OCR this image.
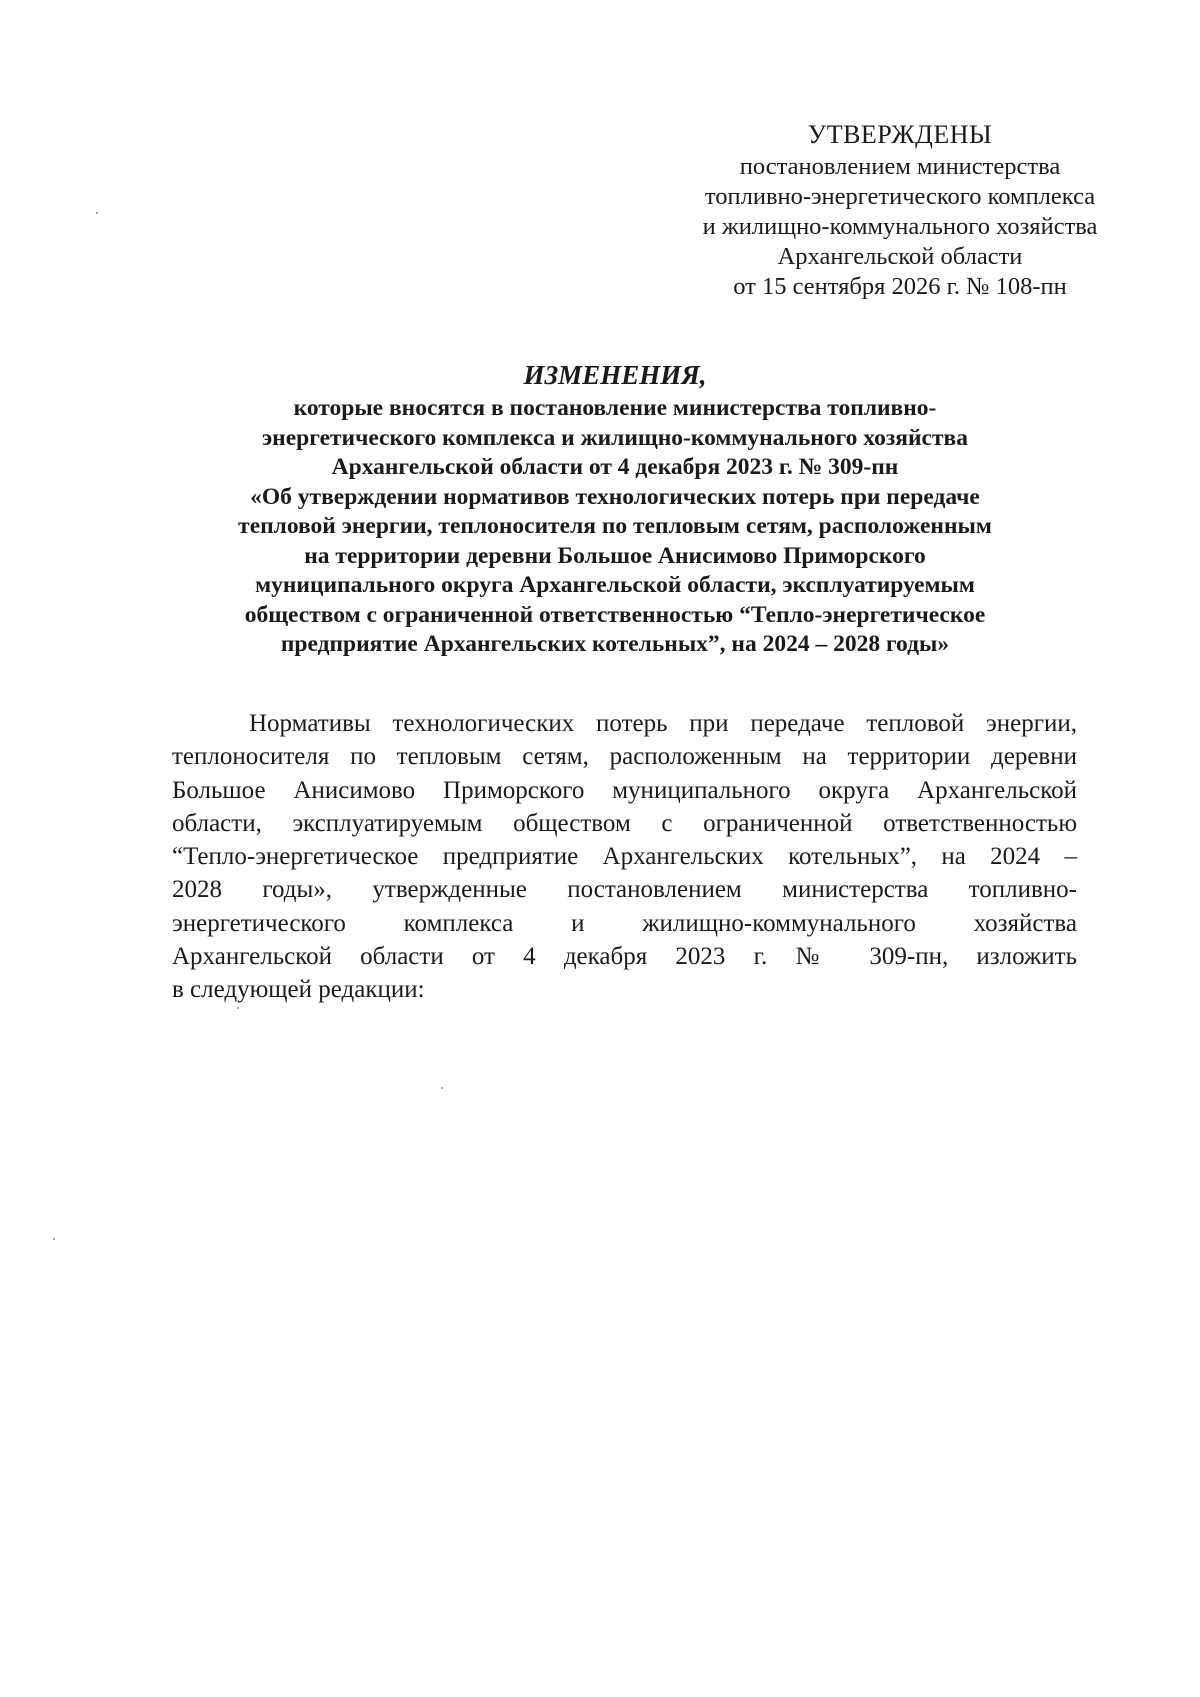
УТВЕРЖДЕНЫ
постановлением министерства
топливно-энергетического комплекса
и жилищно-коммунального хозяйства
Архангельской области
от 15 сентября 2026 г. № 108-пн
ИЗМЕНЕНИЯ,
которые вносятся в постановление министерства топливно-
энергетического комплекса и жилищно-коммунального хозяйства
Архангельской области от 4 декабря 2023 г. № 309-пн
«Об утверждении нормативов технологических потерь при передаче
тепловой энергии, теплоносителя по тепловым сетям, расположенным
на территории деревни Большое Анисимово Приморского
муниципального округа Архангельской области, эксплуатируемым
обществом с ограниченной ответственностью “Тепло-энергетическое
предприятие Архангельских котельных”, на 2024 – 2028 годы»
Нормативы технологических потерь при передаче тепловой энергии,
теплоносителя по тепловым сетям, расположенным на территории деревни
Большое Анисимово Приморского муниципального округа Архангельской
области, эксплуатируемым обществом с ограниченной ответственностью
“Тепло-энергетическое предприятие Архангельских котельных”, на 2024 –
2028 годы», утвержденные постановлением министерства топливно-
энергетического комплекса и жилищно-коммунального хозяйства
Архангельской области от 4 декабря 2023 г. № 309-пн, изложить
в следующей редакции:
